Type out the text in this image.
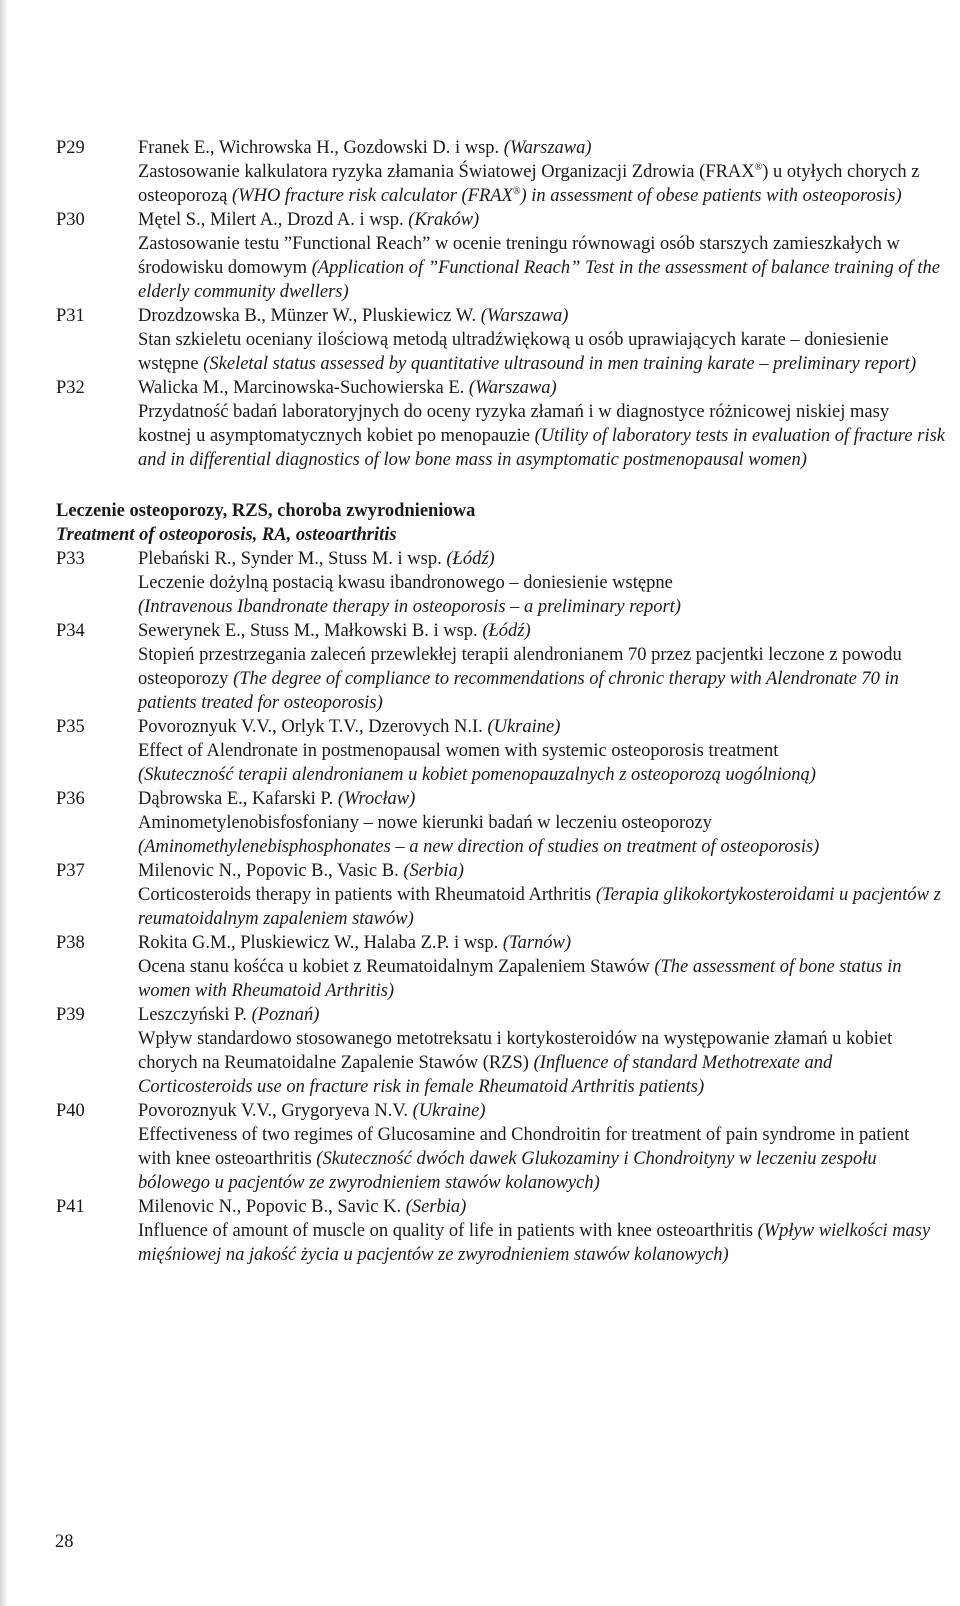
P29	Franek E., Wichrowska H., Gozdowski D. i wsp. (Warszawa)
Zastosowanie kalkulatora ryzyka złamania Światowej Organizacji Zdrowia (FRAX®) u otyłych chorych z osteoporozą (WHO fracture risk calculator (FRAX®) in assessment of obese patients with osteoporosis)
P30	Mętel S., Milert A., Drozd A. i wsp. (Kraków)
Zastosowanie testu ”Functional Reach” w ocenie treningu równowagi osób starszych zamieszkałych w środowisku domowym (Application of ”Functional Reach” Test in the assessment of balance training of the elderly community dwellers)
P31	Drozdzowska B., Münzer W., Pluskiewicz W. (Warszawa)
Stan szkieletu oceniany ilościową metodą ultradźwiękową u osób uprawiających karate – doniesienie wstępne (Skeletal status assessed by quantitative ultrasound in men training karate – preliminary report)
P32	Walicka M., Marcinowska-Suchowierska E. (Warszawa)
Przydatność badań laboratoryjnych do oceny ryzyka złamań i w diagnostyce różnicowej niskiej masy kostnej u asymptomatycznych kobiet po menopauzie (Utility of laboratory tests in evaluation of fracture risk and in differential diagnostics of low bone mass in asymptomatic postmenopausal women)
Leczenie osteoporozy, RZS, choroba zwyrodnieniowa
Treatment of osteoporosis, RA, osteoarthritis
P33	Plebański R., Synder M., Stuss M. i wsp. (Łódź)
Leczenie dożylną postacią kwasu ibandronowego – doniesienie wstępne
(Intravenous Ibandronate therapy in osteoporosis – a preliminary report)
P34	Sewerynek E., Stuss M., Małkowski B. i wsp. (Łódź)
Stopień przestrzegania zaleceń przewlekłej terapii alendronianem 70 przez pacjentki leczone z powodu osteoporozy (The degree of compliance to recommendations of chronic therapy with Alendronate 70 in patients treated for osteoporosis)
P35	Povoroznyuk V.V., Orlyk T.V., Dzerovych N.I. (Ukraine)
Effect of Alendronate in postmenopausal women with systemic osteoporosis treatment
(Skuteczność terapii alendronianem u kobiet pomenopauzalnych z osteoporozą uogólnioną)
P36	Dąbrowska E., Kafarski P. (Wrocław)
Aminometylenobisfosfoniany – nowe kierunki badań w leczeniu osteoporozy
(Aminomethylenebisphosphonates – a new direction of studies on treatment of osteoporosis)
P37	Milenovic N., Popovic B., Vasic B. (Serbia)
Corticosteroids therapy in patients with Rheumatoid Arthritis (Terapia glikokortykosteroidami u pacjentów z reumatoidalnym zapaleniem stawów)
P38	Rokita G.M., Pluskiewicz W., Halaba Z.P. i wsp. (Tarnów)
Ocena stanu kośćca u kobiet z Reumatoidalnym Zapaleniem Stawów (The assessment of bone status in women with Rheumatoid Arthritis)
P39	Leszczyński P. (Poznań)
Wpływ standardowo stosowanego metotreksatu i kortykosteroidów na występowanie złamań u kobiet chorych na Reumatoidalne Zapalenie Stawów (RZS) (Influence of standard Methotrexate and Corticosteroids use on fracture risk in female Rheumatoid Arthritis patients)
P40	Povoroznyuk V.V., Grygoryeva N.V. (Ukraine)
Effectiveness of two regimes of Glucosamine and Chondroitin for treatment of pain syndrome in patient with knee osteoarthritis (Skuteczność dwóch dawek Glukozaminy i Chondroityny w leczeniu zespołu bólowego u pacjentów ze zwyrodnieniem stawów kolanowych)
P41	Milenovic N., Popovic B., Savic K. (Serbia)
Influence of amount of muscle on quality of life in patients with knee osteoarthritis (Wpływ wielkości masy mięśniowej na jakość życia u pacjentów ze zwyrodnieniem stawów kolanowych)
28
